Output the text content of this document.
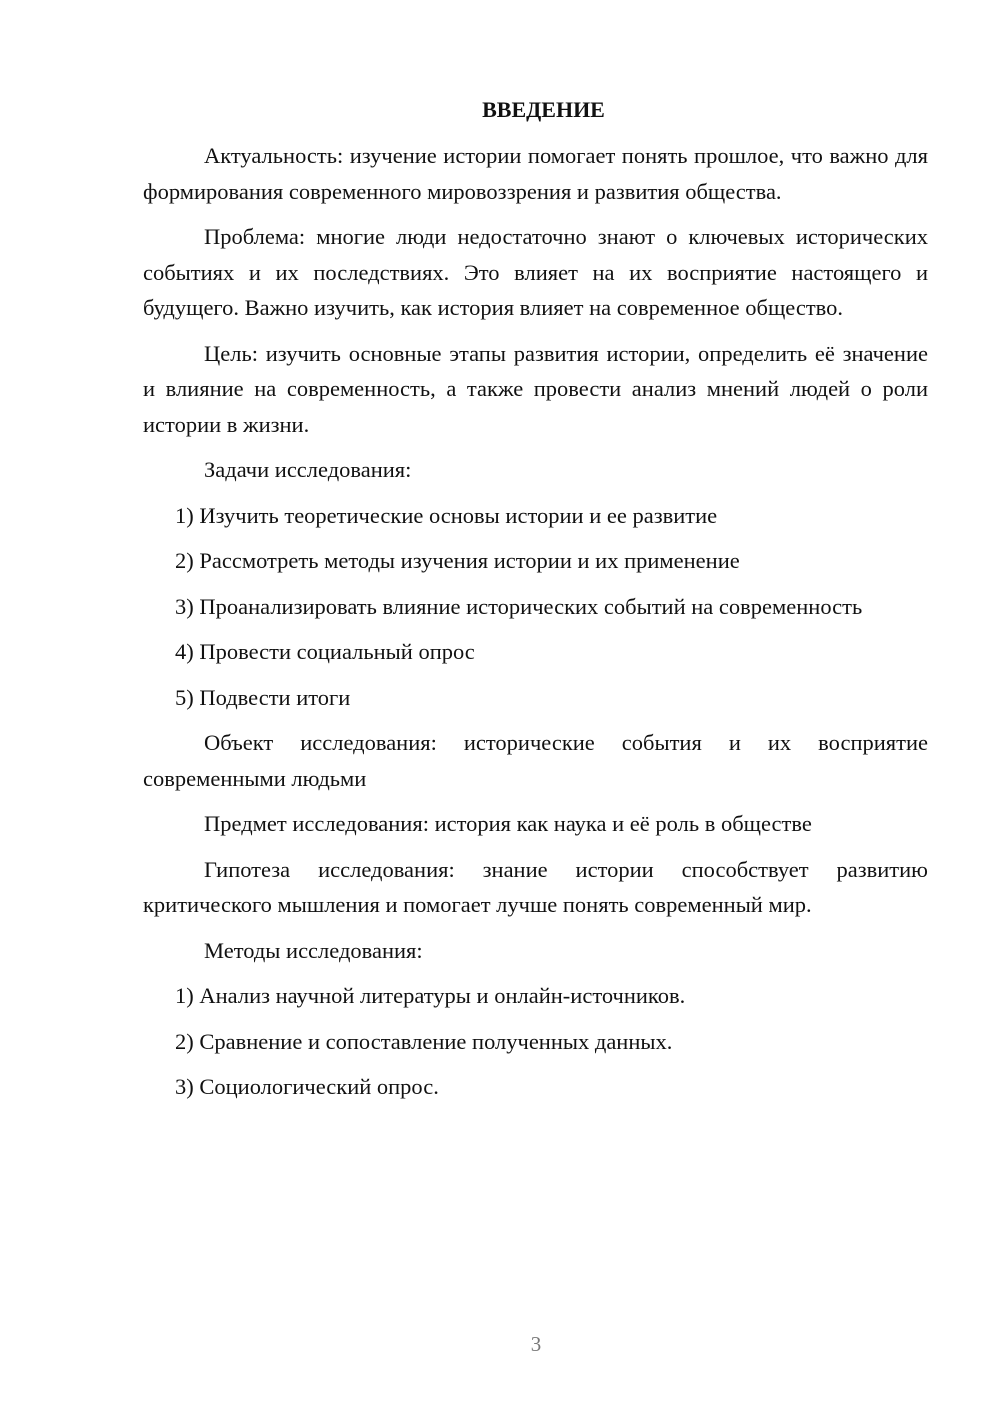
ВВЕДЕНИЕ

Актуальность: изучение истории помогает понять прошлое, что важно для формирования современного мировоззрения и развития общества.

Проблема: многие люди недостаточно знают о ключевых исторических событиях и их последствиях. Это влияет на их восприятие настоящего и будущего. Важно изучить, как история влияет на современное общество.

Цель: изучить основные этапы развития истории, определить её значение и влияние на современность, а также провести анализ мнений людей о роли истории в жизни.

Задачи исследования:

1) Изучить теоретические основы истории и ее развитие

2) Рассмотреть методы изучения истории и их применение

3) Проанализировать влияние исторических событий на современность

4) Провести социальный опрос

5) Подвести итоги

Объект исследования: исторические события и их восприятие современными людьми

Предмет исследования: история как наука и её роль в обществе

Гипотеза исследования: знание истории способствует развитию критического мышления и помогает лучше понять современный мир.

Методы исследования:

1) Анализ научной литературы и онлайн-источников.

2) Сравнение и сопоставление полученных данных.

3) Социологический опрос.

3
